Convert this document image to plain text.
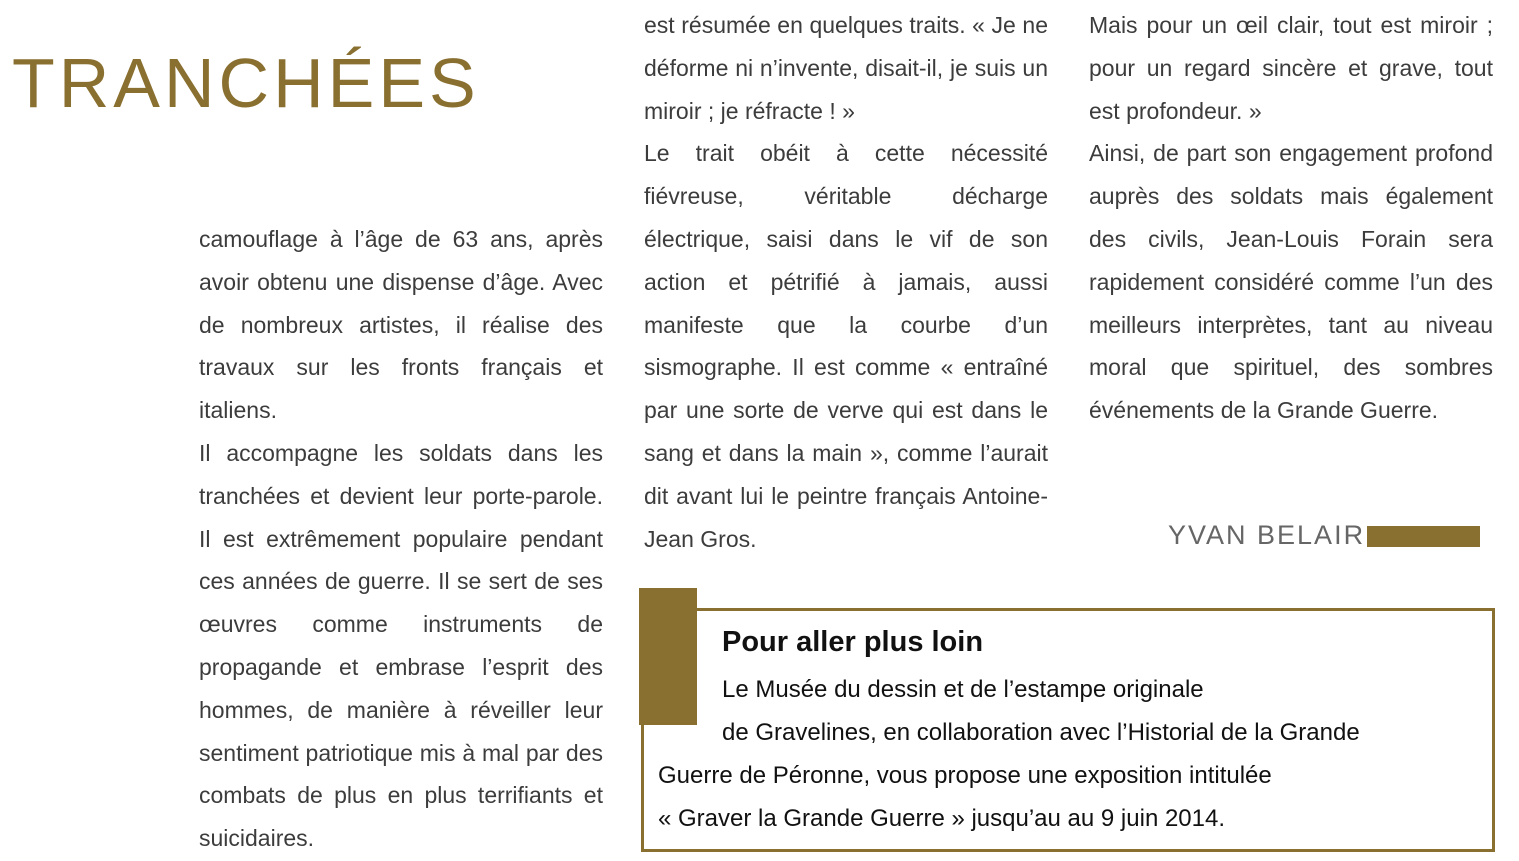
TRANCHÉES

camouflage à l’âge de 63 ans, après avoir obtenu une dispense d’âge. Avec de nombreux artistes, il réalise des travaux sur les fronts français et italiens.

Il accompagne les soldats dans les tranchées et devient leur porte-parole. Il est extrêmement populaire pendant ces années de guerre. Il se sert de ses œuvres comme instruments de propagande et embrase l’esprit des hommes, de manière à réveiller leur sentiment patriotique mis à mal par des combats de plus en plus terrifiants et suicidaires.

est résumée en quelques traits. « Je ne déforme ni n’invente, disait-il, je suis un miroir ; je réfracte ! »

Le trait obéit à cette nécessité fiévreuse, véritable décharge électrique, saisi dans le vif de son action et pétrifié à jamais, aussi manifeste que la courbe d’un sismographe. Il est comme « entraîné par une sorte de verve qui est dans le sang et dans la main », comme l’aurait dit avant lui le peintre français Antoine-Jean Gros.

Mais pour un œil clair, tout est miroir ; pour un regard sincère et grave, tout est profondeur. »

Ainsi, de part son engagement profond auprès des soldats mais également des civils, Jean-Louis Forain sera rapidement considéré comme l’un des meilleurs interprètes, tant au niveau moral que spirituel, des sombres événements de la Grande Guerre.

YVAN BELAIR
Pour aller plus loin
Le Musée du dessin et de l’estampe originale
de Gravelines, en collaboration avec l’Historial de la Grande
Guerre de Péronne, vous propose une exposition intitulée
« Graver la Grande Guerre » jusqu’au au 9 juin 2014.
